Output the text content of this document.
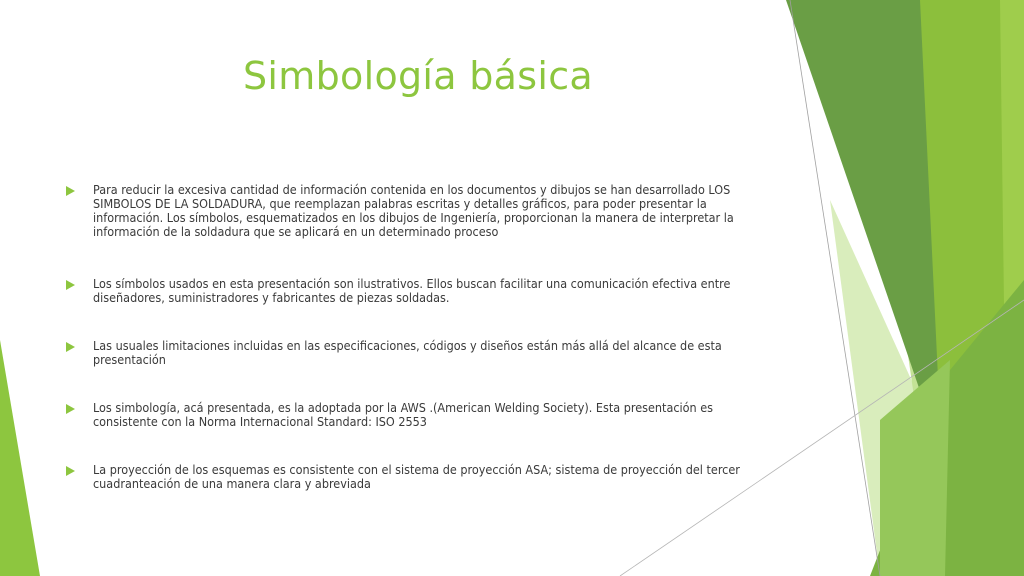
Simbología básica
Para reducir la excesiva cantidad de información contenida en los documentos y dibujos se han desarrollado LOS SIMBOLOS DE LA SOLDADURA, que reemplazan palabras escritas y detalles gráficos, para poder presentar la información. Los símbolos, esquematizados en los dibujos de Ingeniería, proporcionan la manera de interpretar la información de la soldadura que se aplicará en un determinado proceso
Los símbolos usados en esta presentación son ilustrativos. Ellos buscan facilitar una comunicación efectiva entre diseñadores, suministradores y fabricantes de piezas soldadas.
Las usuales limitaciones incluidas en las especificaciones, códigos y diseños están más allá del alcance de esta presentación
Los simbología, acá presentada, es la adoptada por la AWS .(American Welding Society). Esta presentación es consistente con la Norma Internacional Standard: ISO 2553
La proyección de los esquemas es consistente con el sistema de proyección ASA; sistema de proyección del tercer cuadranteación de una manera clara y abreviada
